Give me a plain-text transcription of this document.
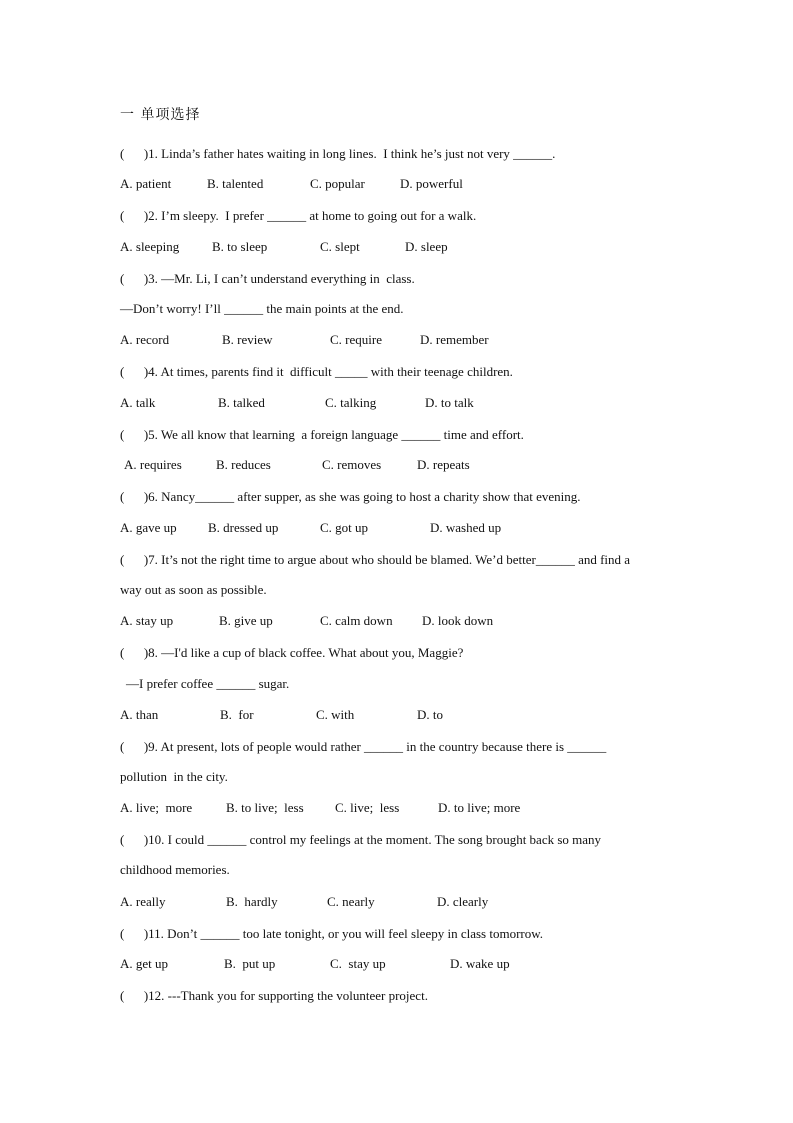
一 单项选择
(      )1. Linda’s father hates waiting in long lines.  I think he’s just not very ______.
A. patient	B. talented	C. popular	D. powerful
(      )2. I’m sleepy.  I prefer ______ at home to going out for a walk.
A. sleeping	B. to sleep	C. slept	D. sleep
(      )3. —Mr. Li, I can’t understand everything in  class.
—Don’t worry! I’ll ______ the main points at the end.
A. record	B. review	C. require	D. remember
(      )4. At times, parents find it  difficult _____ with their teenage children.
A. talk	B. talked	C. talking	D. to talk
(      )5. We all know that learning  a foreign language ______ time and effort.
A. requires	B. reduces	C. removes	D. repeats
(      )6. Nancy______ after supper, as she was going to host a charity show that evening.
A. gave up B. dressed up	C. got up	D. washed up
(      )7. It’s not the right time to argue about who should be blamed. We’d better______ and find a
way out as soon as possible.
A. stay up	B. give up	C. calm down D. look down
(      )8. —I'd like a cup of black coffee. What about you, Maggie?
—I prefer coffee ______ sugar.
A. than	B.  for	C. with	D. to
(      )9. At present, lots of people would rather ______ in the country because there is ______
pollution  in the city.
A. live;  more	B. to live;  less C. live;  less	D. to live; more
(      )10. I could ______ control my feelings at the moment. The song brought back so many
childhood memories.
A. really	B.  hardly	C. nearly	D. clearly
(      )11. Don’t ______ too late tonight, or you will feel sleepy in class tomorrow.
A. get up	B.  put up	C.  stay up	D. wake up
(      )12. ---Thank you for supporting the volunteer project.
